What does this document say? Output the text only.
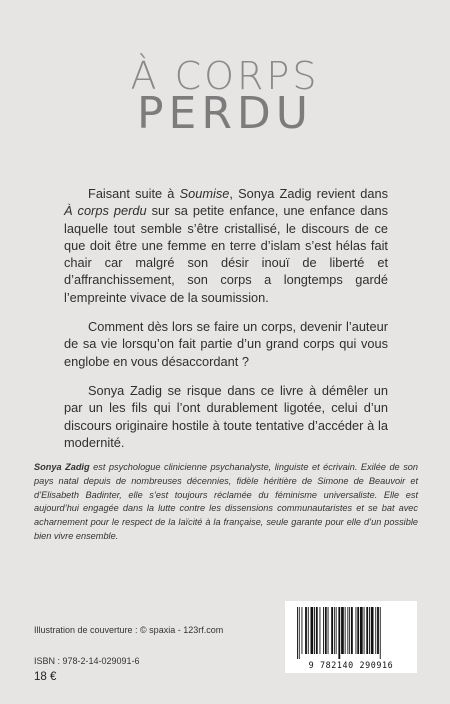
À CORPS
PERDU

Faisant suite à Soumise, Sonya Zadig revient dans À corps perdu sur sa petite enfance, une enfance dans laquelle tout semble s’être cristallisé, le discours de ce que doit être une femme en terre d’islam s’est hélas fait chair car malgré son désir inouï de liberté et d’affranchissement, son corps a longtemps gardé l’empreinte vivace de la soumission.

Comment dès lors se faire un corps, devenir l’auteur de sa vie lorsqu’on fait partie d’un grand corps qui vous englobe en vous désaccordant ?

Sonya Zadig se risque dans ce livre à démêler un par un les fils qui l’ont durablement ligotée, celui d’un discours originaire hostile à toute tentative d’accéder à la modernité.

Sonya Zadig est psychologue clinicienne psychanalyste, linguiste et écrivain. Exilée de son pays natal depuis de nombreuses décennies, fidèle héritière de Simone de Beauvoir et d’Elisabeth Badinter, elle s’est toujours réclamée du féminisme universaliste. Elle est aujourd’hui engagée dans la lutte contre les dissensions communautaristes et se bat avec acharnement pour le respect de la laïcité à la française, seule garante pour elle d’un possible bien vivre ensemble.
Illustration de couverture : © spaxia - 123rf.com
ISBN : 978-2-14-029091-6
18 €
9 782140 290916
